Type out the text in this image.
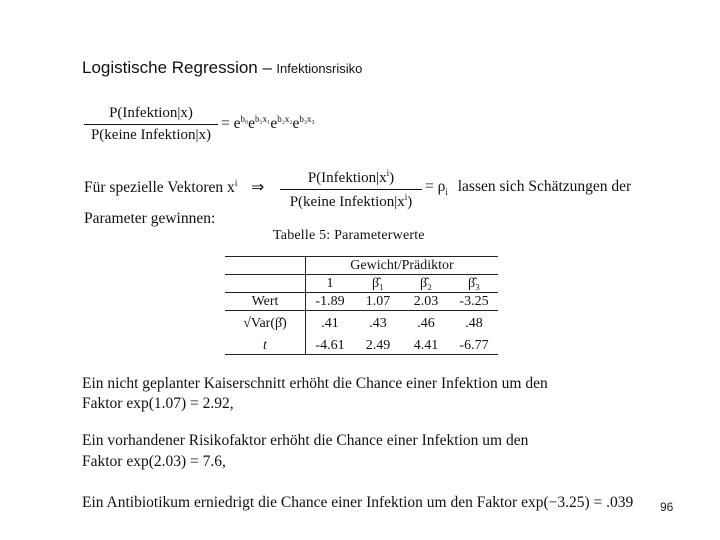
Logistische Regression – Infektionsrisiko
P(Infektion|x)
P(keine Infektion|x)
= $e^{b_0}e^{b_1x_1}e^{b_2x_2}e^{b_3x_3}$
Für spezielle Vektoren $x^i$ ⇒
$P(Infektion|x^i)$
P(keine $Infektion|x^i$)
= $\rho_i$ lassen sich Schätzungen der
Parameter gewinnen:
Tabelle 5: Parameterwerte
	Gewicht/Prädiktor			
	1	β̂₁	β̂₂	β̂₃
Wert	-1.89	1.07	2.03	-3.25
√Var(β̂)	.41	.43	.46	.48
t	-4.61	2.49	4.41	-6.77
Ein nicht geplanter Kaiserschnitt erhöht die Chance einer Infektion um den
Faktor exp(1.07) = 2.92,
Ein vorhandener Risikofaktor erhöht die Chance einer Infektion um den
Faktor exp(2.03) = 7.6,
Ein Antibiotikum erniedrigt die Chance einer Infektion um den Faktor exp(−3.25) = .039 96
